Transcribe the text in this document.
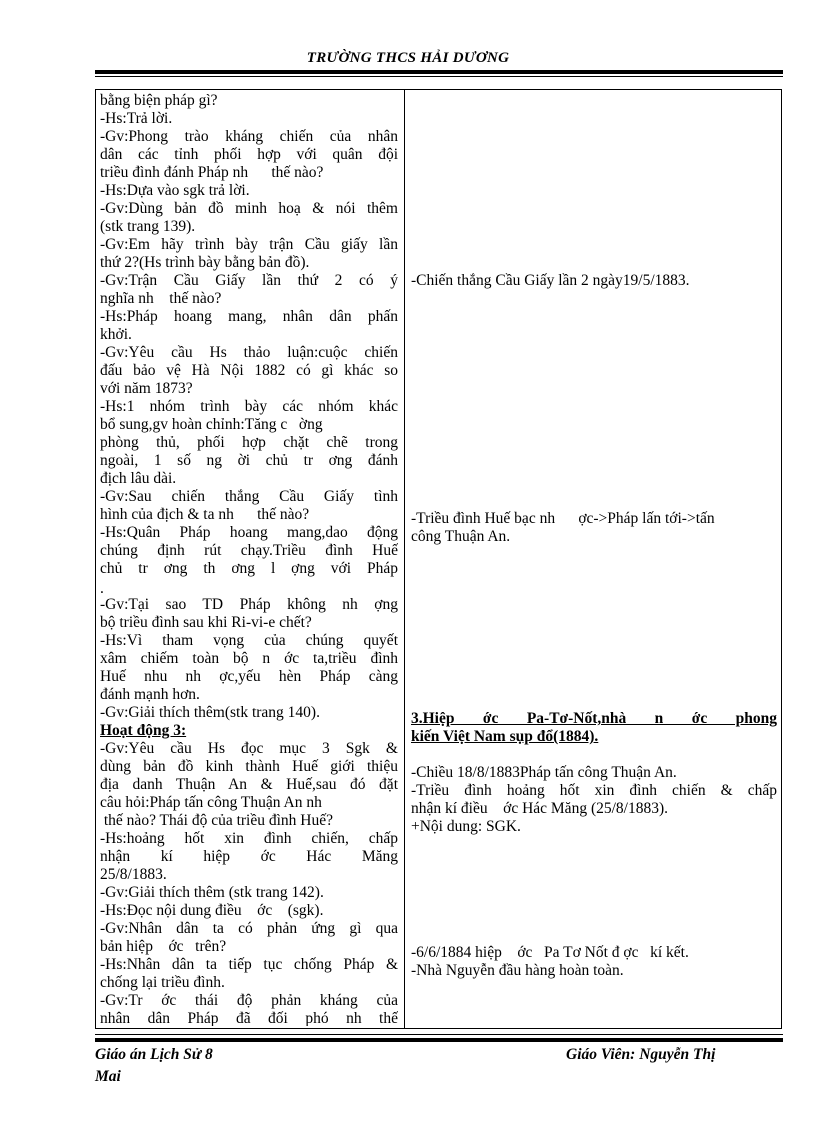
TRƯỜNG THCS HẢI DƯƠNG
bằng biện pháp gì?
-Hs:Trả lời.
-Gv:Phong trào kháng chiến của nhân
dân các tỉnh phối hợp với quân đội
triều đình đánh Pháp nh      thế nào?
-Hs:Dựa vào sgk trả lời.
-Gv:Dùng bản đồ minh hoạ & nói thêm
(stk trang 139).
-Gv:Em hãy trình bày trận Cầu giấy lần
thứ 2?(Hs trình bày bằng bản đồ).
-Gv:Trận Cầu Giấy lần thứ 2 có ý
nghĩa nh    thế nào?
-Hs:Pháp hoang mang, nhân dân phấn
khởi.
-Gv:Yêu cầu Hs thảo luận:cuộc chiến
đấu bảo vệ Hà Nội 1882 có gì khác so
với năm 1873?
-Hs:1 nhóm trình bày các nhóm khác
bổ sung,gv hoàn chỉnh:Tăng c   ờng
phòng thủ, phối hợp chặt chẽ trong
ngoài, 1 số ng ời chủ tr ơng đánh
địch lâu dài.
-Gv:Sau chiến thắng Cầu Giấy tình
hình của địch & ta nh      thế nào?
-Hs:Quân Pháp hoang mang,dao động
chúng định rút chạy.Triều đình Huế
chủ tr ơng th ơng l ợng với Pháp
.
-Gv:Tại sao TD Pháp không nh ợng
bộ triều đình sau khi Ri-vi-e chết?
-Hs:Vì tham vọng của chúng quyết
xâm chiếm toàn bộ n ớc ta,triều đình
Huế nhu nh ợc,yếu hèn Pháp càng
đánh mạnh hơn.
-Gv:Giải thích thêm(stk trang 140).
Hoạt động 3:
-Gv:Yêu cầu Hs đọc mục 3 Sgk &
dùng bản đồ kinh thành Huế giới thiệu
địa danh Thuận An & Huế,sau đó đặt
câu hỏi:Pháp tấn công Thuận An nh
thế nào? Thái độ của triều đình Huế?
-Hs:hoảng hốt xin đình chiến, chấp
nhận kí hiệp ớc Hác Măng
25/8/1883.
-Gv:Giải thích thêm (stk trang 142).
-Hs:Đọc nội dung điều    ớc    (sgk).
-Gv:Nhân dân ta có phản ứng gì qua
bản hiệp    ớc   trên?
-Hs:Nhân dân ta tiếp tục chống Pháp &
chống lại triều đình.
-Gv:Tr ớc thái độ phản kháng của
nhân dân Pháp đã đối phó nh thế
-Chiến thắng Cầu Giấy lần 2 ngày19/5/1883.
-Triều đình Huế bạc nh      ợc->Pháp lấn tới->tấn
công Thuận An.
3.Hiệp ớc Pa-Tơ-Nốt,nhà n ớc phong
kiến Việt Nam sụp đổ(1884).
-Chiều 18/8/1883Pháp tấn công Thuận An.
-Triều đình hoảng hốt xin đình chiến & chấp
nhận kí điều    ớc Hác Măng (25/8/1883).
+Nội dung: SGK.
-6/6/1884 hiệp    ớc   Pa Tơ Nốt đ ợc   kí kết.
-Nhà Nguyễn đầu hàng hoàn toàn.
Giáo án Lịch Sử 8
Mai
Giáo Viên: Nguyễn Thị
